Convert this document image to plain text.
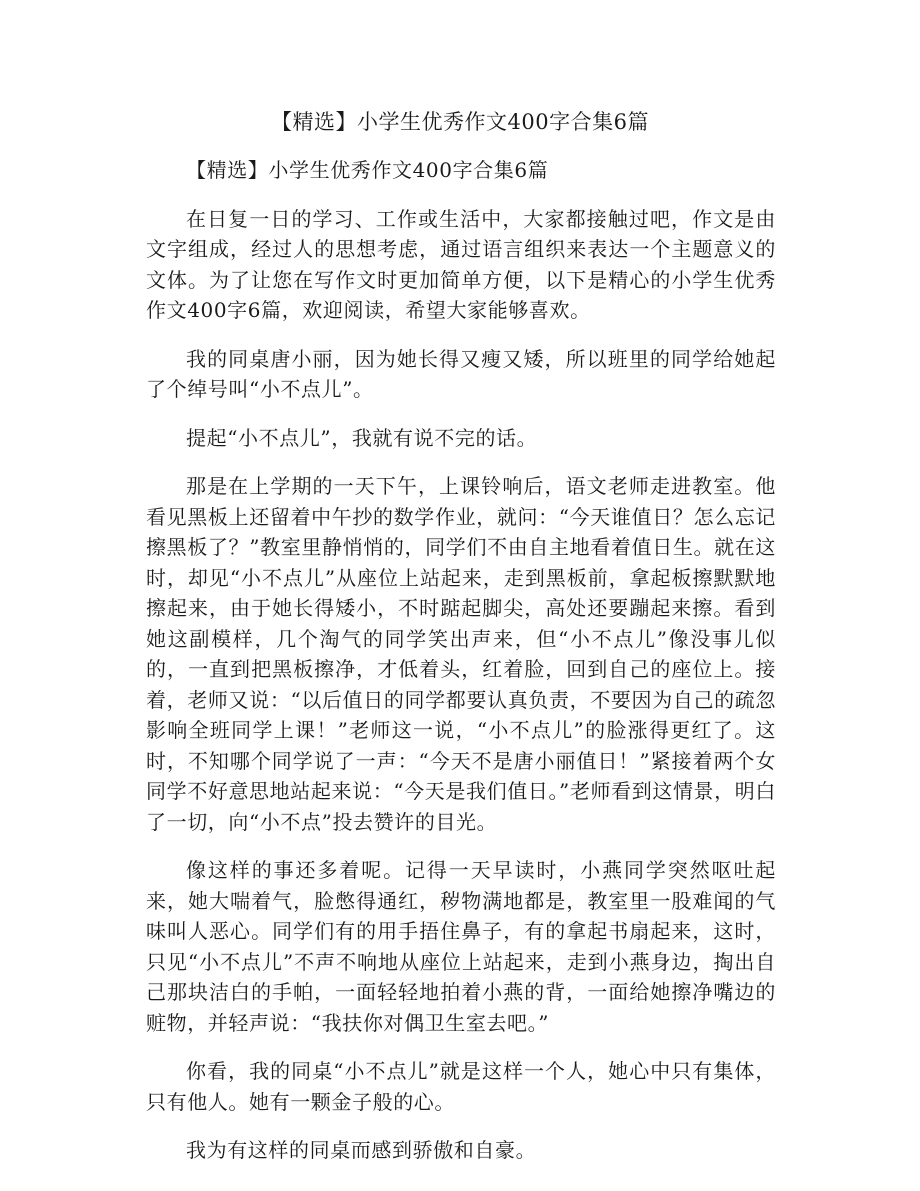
【精选】小学生优秀作文400字合集6篇

【精选】小学生优秀作文400字合集6篇

在日复一日的学习、工作或生活中，大家都接触过吧，作文是由文字组成，经过人的思想考虑，通过语言组织来表达一个主题意义的文体。为了让您在写作文时更加简单方便，以下是精心的小学生优秀作文400字6篇，欢迎阅读，希望大家能够喜欢。

我的同桌唐小丽，因为她长得又瘦又矮，所以班里的同学给她起了个绰号叫“小不点儿”。

提起“小不点儿”，我就有说不完的话。

那是在上学期的一天下午，上课铃响后，语文老师走进教室。他看见黑板上还留着中午抄的数学作业，就问：“今天谁值日？怎么忘记擦黑板了？”教室里静悄悄的，同学们不由自主地看着值日生。就在这时，却见“小不点儿”从座位上站起来，走到黑板前，拿起板擦默默地擦起来，由于她长得矮小，不时踮起脚尖，高处还要蹦起来擦。看到她这副模样，几个淘气的同学笑出声来，但“小不点儿”像没事儿似的，一直到把黑板擦净，才低着头，红着脸，回到自己的座位上。接着，老师又说：“以后值日的同学都要认真负责，不要因为自己的疏忽影响全班同学上课！”老师这一说，“小不点儿”的脸涨得更红了。这时，不知哪个同学说了一声：“今天不是唐小丽值日！”紧接着两个女同学不好意思地站起来说：“今天是我们值日。”老师看到这情景，明白了一切，向“小不点”投去赞许的目光。

像这样的事还多着呢。记得一天早读时，小燕同学突然呕吐起来，她大喘着气，脸憋得通红，秽物满地都是，教室里一股难闻的气味叫人恶心。同学们有的用手捂住鼻子，有的拿起书扇起来，这时，只见“小不点儿”不声不响地从座位上站起来，走到小燕身边，掏出自己那块洁白的手帕，一面轻轻地拍着小燕的背，一面给她擦净嘴边的赃物，并轻声说：“我扶你对偶卫生室去吧。”

你看，我的同桌“小不点儿”就是这样一个人，她心中只有集体，只有他人。她有一颗金子般的心。

我为有这样的同桌而感到骄傲和自豪。
